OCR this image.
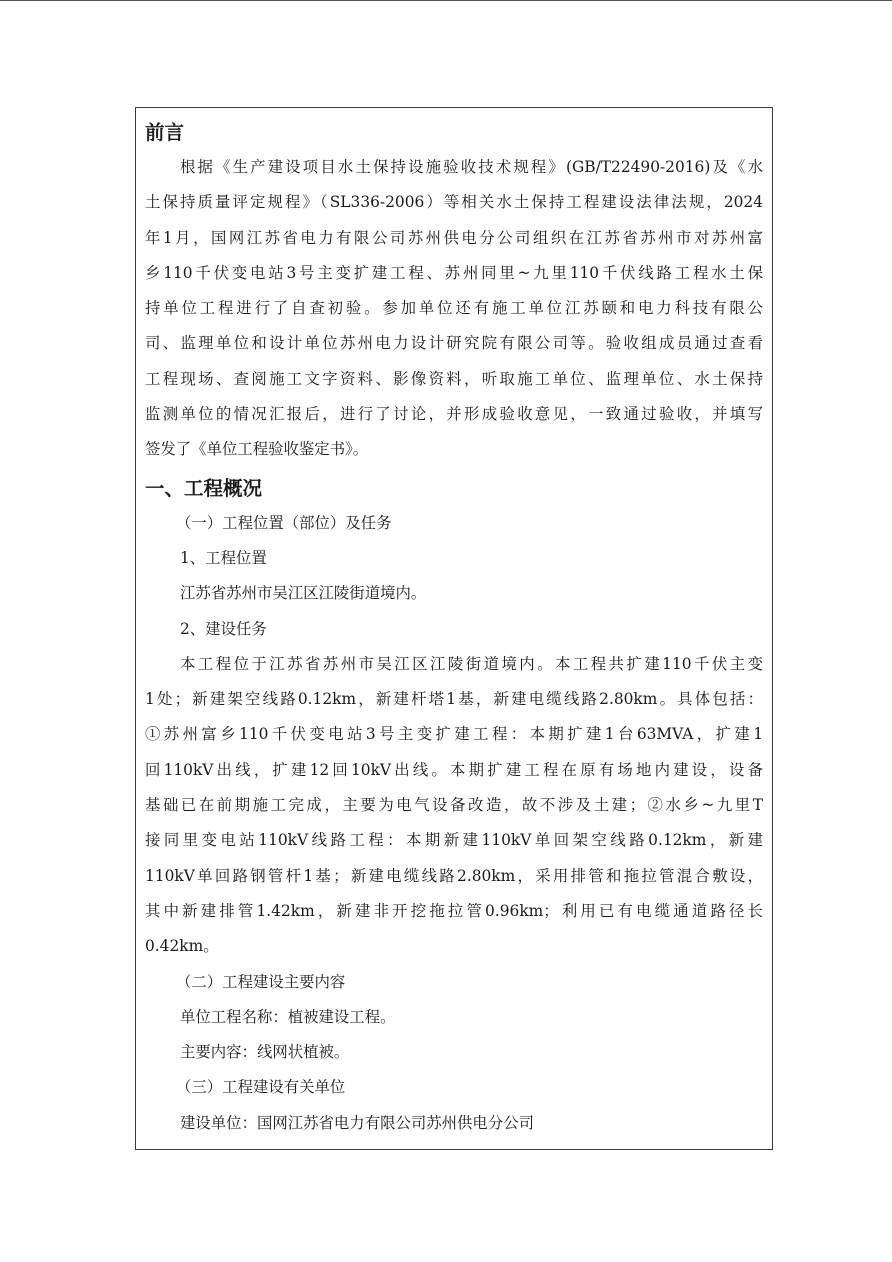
前言
根据《生产建设项目水土保持设施验收技术规程》(GB/T22490-2016)及《水
土保持质量评定规程》（SL336-2006）等相关水土保持工程建设法律法规，2024
年1月，国网江苏省电力有限公司苏州供电分公司组织在江苏省苏州市对苏州富
乡110千伏变电站3号主变扩建工程、苏州同里~九里110千伏线路工程水土保
持单位工程进行了自查初验。参加单位还有施工单位江苏颐和电力科技有限公
司、监理单位和设计单位苏州电力设计研究院有限公司等。验收组成员通过查看
工程现场、查阅施工文字资料、影像资料，听取施工单位、监理单位、水土保持
监测单位的情况汇报后，进行了讨论，并形成验收意见，一致通过验收，并填写
签发了《单位工程验收鉴定书》。
一、工程概况
（一）工程位置（部位）及任务
1、工程位置
江苏省苏州市吴江区江陵街道境内。
2、建设任务
本工程位于江苏省苏州市吴江区江陵街道境内。本工程共扩建110千伏主变
1处；新建架空线路0.12km，新建杆塔1基，新建电缆线路2.80km。具体包括：
①苏州富乡110千伏变电站3号主变扩建工程：本期扩建1台63MVA，扩建1
回110kV出线，扩建12回10kV出线。本期扩建工程在原有场地内建设，设备
基础已在前期施工完成，主要为电气设备改造，故不涉及土建；②水乡~九里T
接同里变电站110kV线路工程：本期新建110kV单回架空线路0.12km，新建
110kV单回路钢管杆1基；新建电缆线路2.80km，采用排管和拖拉管混合敷设，
其中新建排管1.42km，新建非开挖拖拉管0.96km；利用已有电缆通道路径长
0.42km。
（二）工程建设主要内容
单位工程名称：植被建设工程。
主要内容：线网状植被。
（三）工程建设有关单位
建设单位：国网江苏省电力有限公司苏州供电分公司
